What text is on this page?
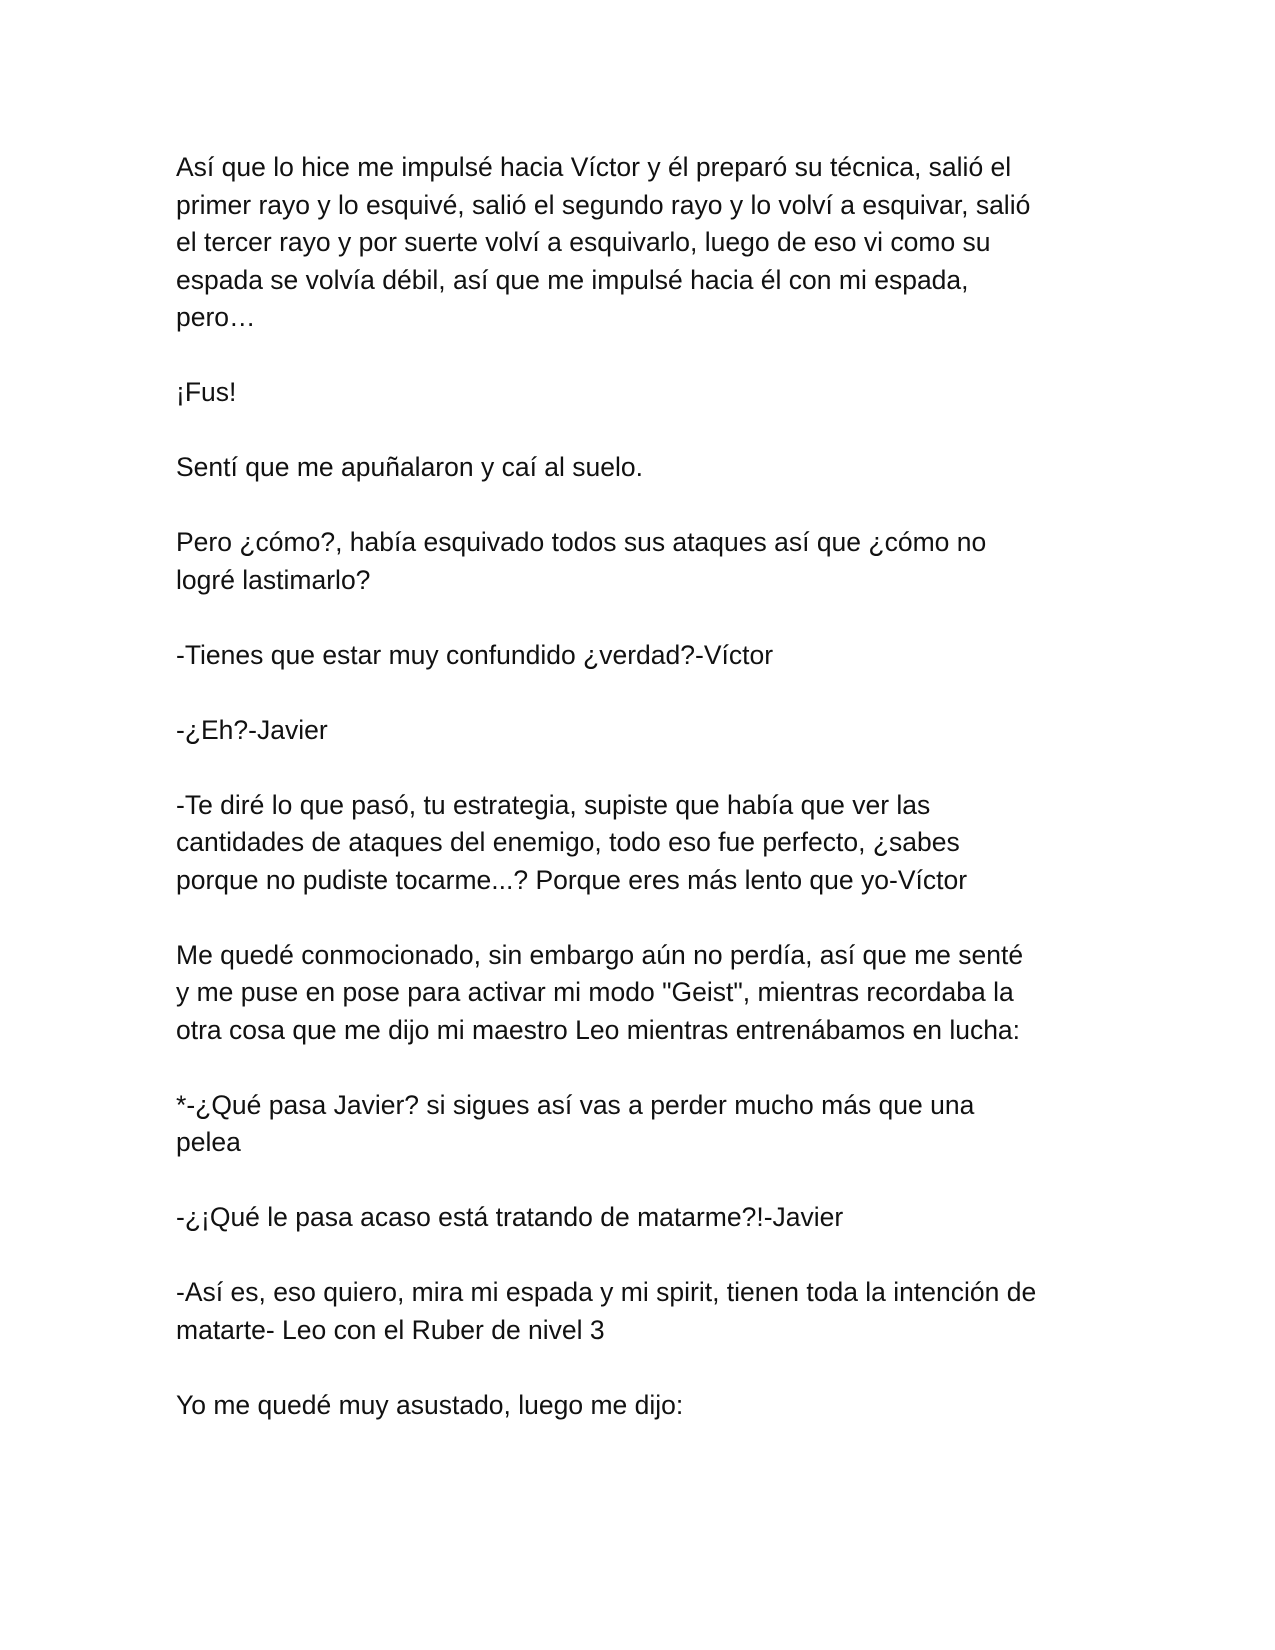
Así que lo hice me impulsé hacia Víctor y él preparó su técnica, salió el
primer rayo y lo esquivé, salió el segundo rayo y lo volví a esquivar, salió
el tercer rayo y por suerte volví a esquivarlo, luego de eso vi como su
espada se volvía débil, así que me impulsé hacia él con mi espada,
pero…

¡Fus!

Sentí que me apuñalaron y caí al suelo.

Pero ¿cómo?, había esquivado todos sus ataques así que ¿cómo no
logré lastimarlo?

-Tienes que estar muy confundido ¿verdad?-Víctor

-¿Eh?-Javier

-Te diré lo que pasó, tu estrategia, supiste que había que ver las
cantidades de ataques del enemigo, todo eso fue perfecto, ¿sabes
porque no pudiste tocarme...? Porque eres más lento que yo-Víctor

Me quedé conmocionado, sin embargo aún no perdía, así que me senté
y me puse en pose para activar mi modo "Geist", mientras recordaba la
otra cosa que me dijo mi maestro Leo mientras entrenábamos en lucha:

*-¿Qué pasa Javier? si sigues así vas a perder mucho más que una
pelea

-¿¡Qué le pasa acaso está tratando de matarme?!-Javier

-Así es, eso quiero, mira mi espada y mi spirit, tienen toda la intención de
matarte- Leo con el Ruber de nivel 3

Yo me quedé muy asustado, luego me dijo:
